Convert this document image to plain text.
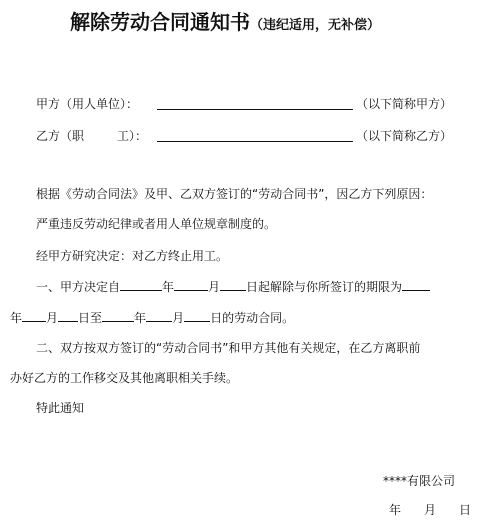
解除劳动合同通知书（违纪适用，无补偿）
甲方（用人单位）：	（以下简称甲方）
乙方（职	工）：	（以下简称乙方）
根据《劳动合同法》及甲、乙双方签订的“劳动合同书”，因乙方下列原因：
严重违反劳动纪律或者用人单位规章制度的。
经甲方研究决定：对乙方终止用工。
一、甲方决定自	年	月 日起解除与你所签订的期限为
年 月 日至	年 月 日的劳动合同。
二、双方按双方签订的“劳动合同书”和甲方其他有关规定，在乙方离职前
办好乙方的工作移交及其他离职相关手续。
特此通知
****有限公司
年 月 日
